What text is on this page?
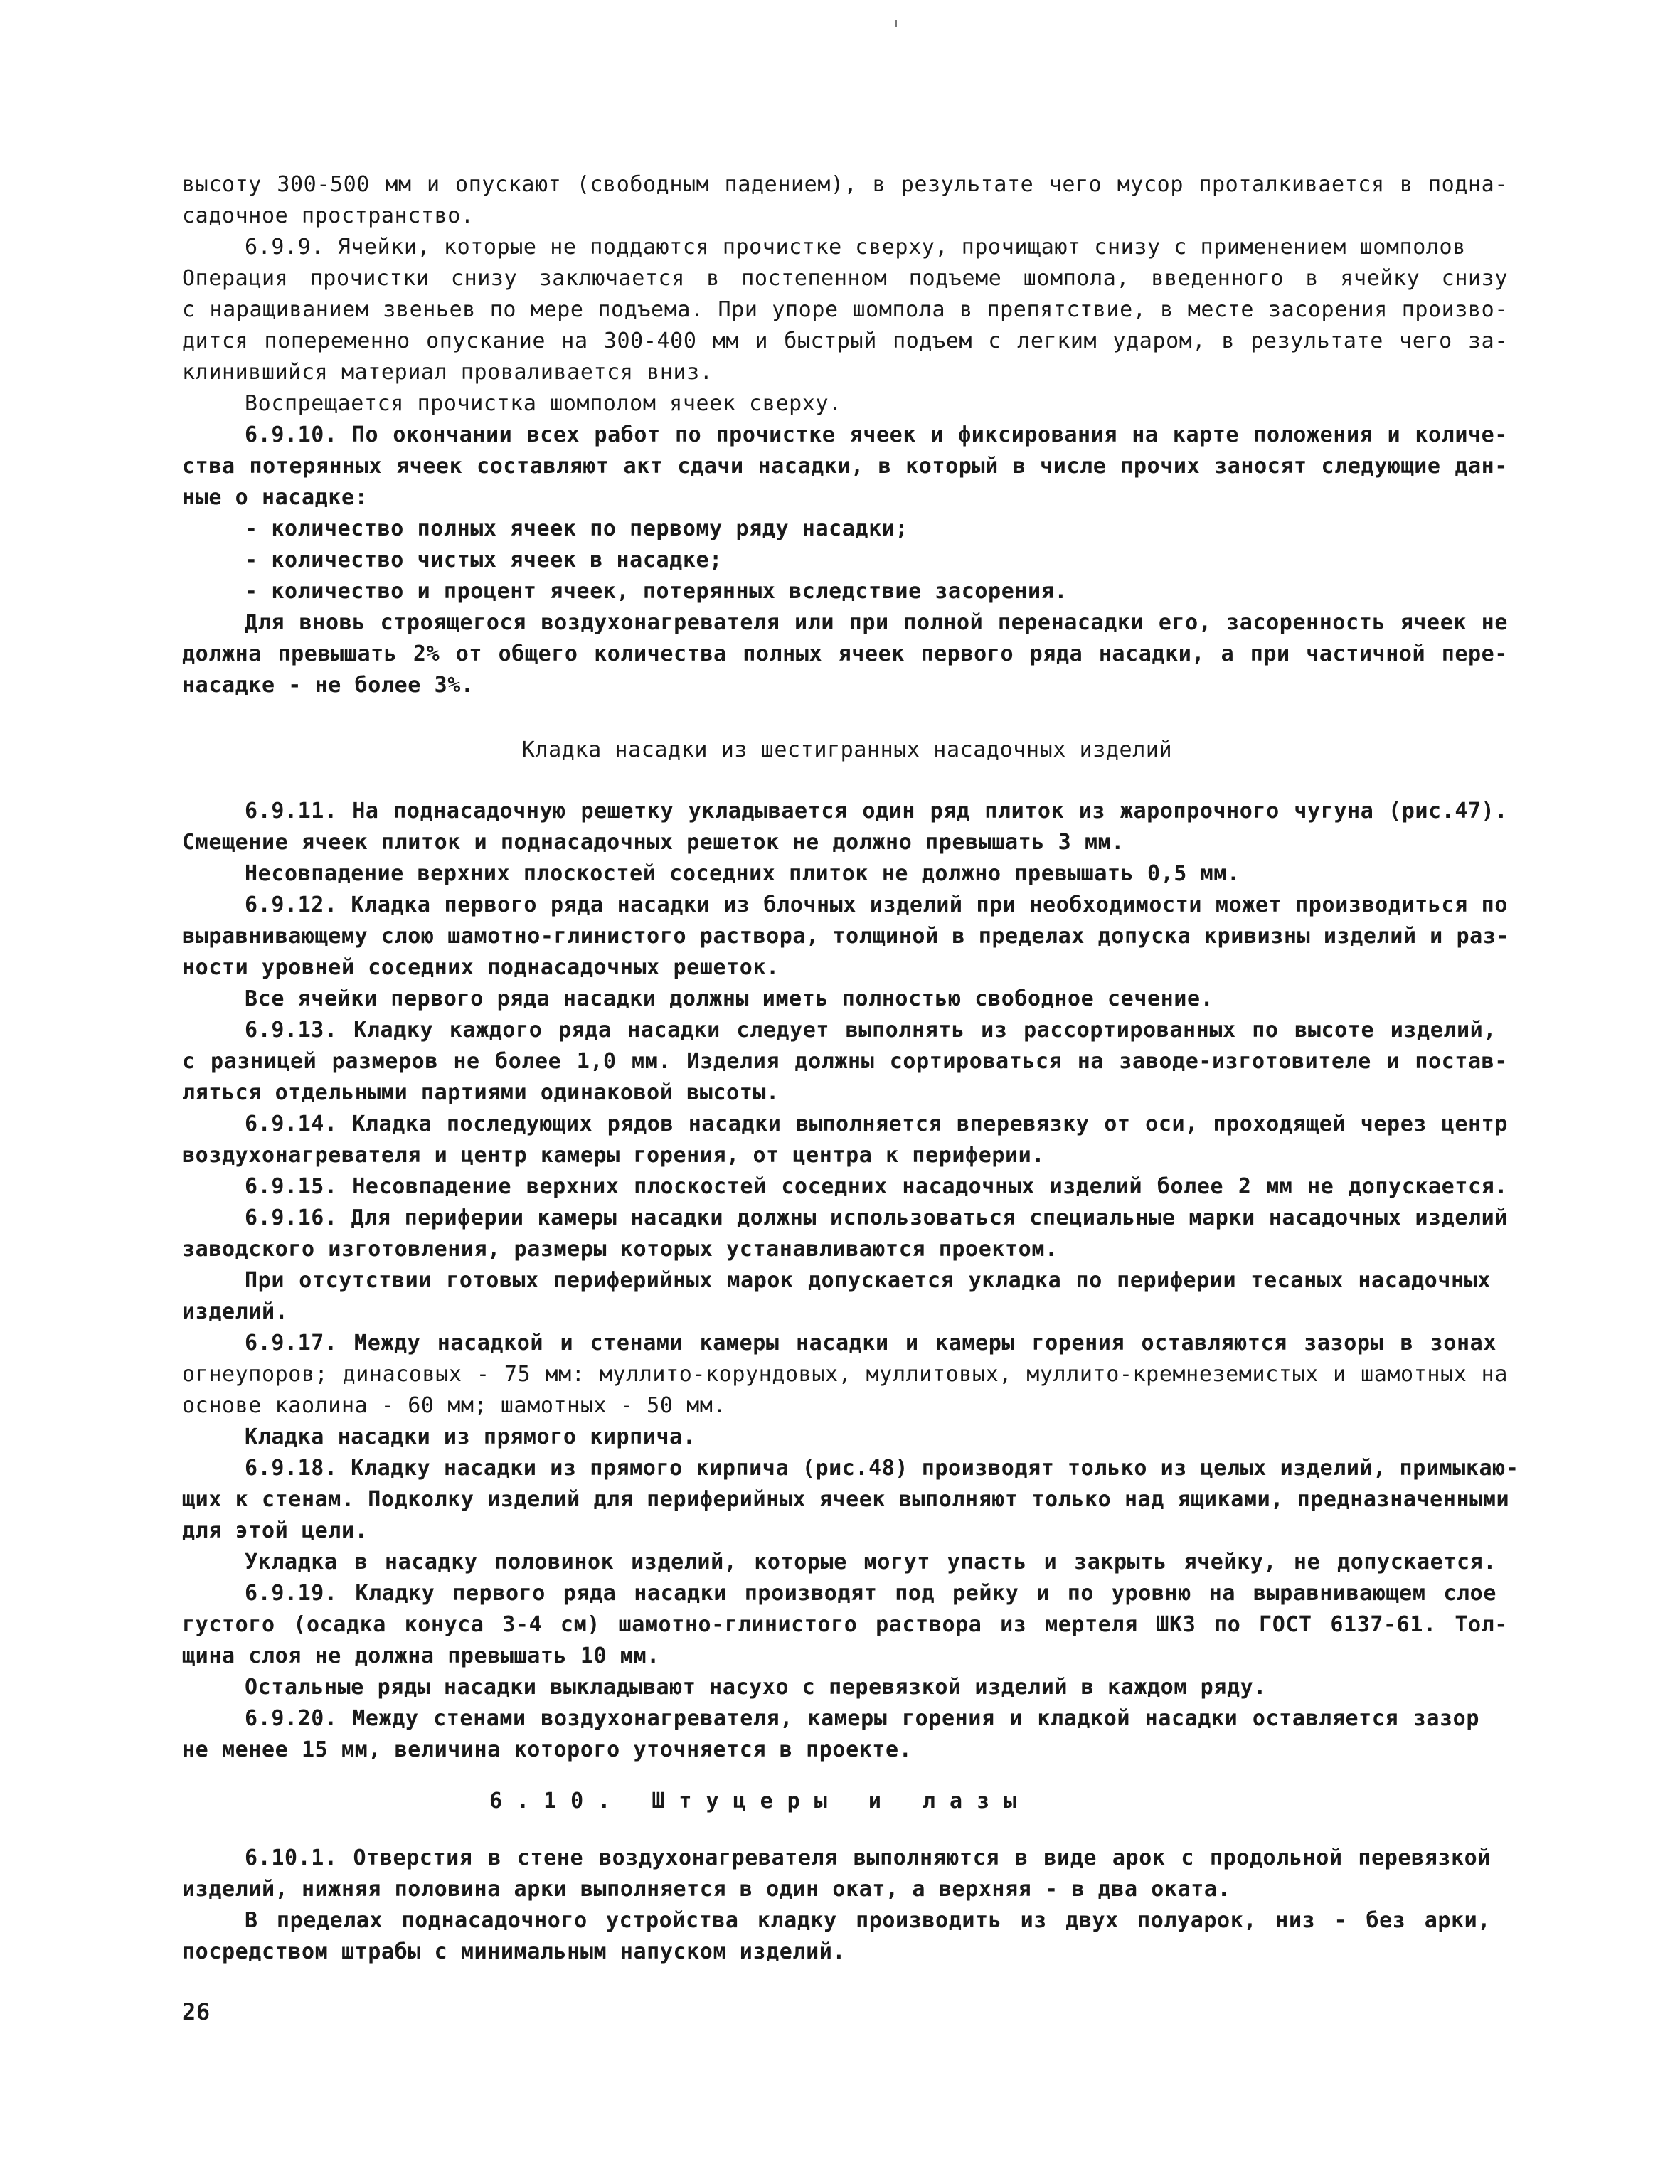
высоту 300-500 мм и опускают (свободным падением), в результате чего мусор проталкивается в подна-
садочное пространство.
6.9.9. Ячейки, которые не поддаются прочистке сверху, прочищают снизу с применением шомполов
Операция прочистки снизу заключается в постепенном подъеме шомпола, введенного в ячейку снизу
с наращиванием звеньев по мере подъема. При упоре шомпола в препятствие, в месте засорения произво-
дится попеременно опускание на 300-400 мм и быстрый подъем с легким ударом, в результате чего за-
клинившийся материал проваливается вниз.
Воспрещается прочистка шомполом ячеек сверху.
6.9.10. По окончании всех работ по прочистке ячеек и фиксирования на карте положения и количе-
ства потерянных ячеек составляют акт сдачи насадки, в который в числе прочих заносят следующие дан-
ные о насадке:
- количество полных ячеек по первому ряду насадки;
- количество чистых ячеек в насадке;
- количество и процент ячеек, потерянных вследствие засорения.
Для вновь строящегося воздухонагревателя или при полной перенасадки его, засоренность ячеек не
должна превышать 2% от общего количества полных ячеек первого ряда насадки, а при частичной пере-
насадке - не более 3%.
Кладка насадки из шестигранных насадочных изделий
6.9.11. На поднасадочную решетку укладывается один ряд плиток из жаропрочного чугуна (рис.47).
Смещение ячеек плиток и поднасадочных решеток не должно превышать 3 мм.
Несовпадение верхних плоскостей соседних плиток не должно превышать 0,5 мм.
6.9.12. Кладка первого ряда насадки из блочных изделий при необходимости может производиться по
выравнивающему слою шамотно-глинистого раствора, толщиной в пределах допуска кривизны изделий и раз-
ности уровней соседних поднасадочных решеток.
Все ячейки первого ряда насадки должны иметь полностью свободное сечение.
6.9.13. Кладку каждого ряда насадки следует выполнять из рассортированных по высоте изделий,
с разницей размеров не более 1,0 мм. Изделия должны сортироваться на заводе-изготовителе и постав-
ляться отдельными партиями одинаковой высоты.
6.9.14. Кладка последующих рядов насадки выполняется вперевязку от оси, проходящей через центр
воздухонагревателя и центр камеры горения, от центра к периферии.
6.9.15. Несовпадение верхних плоскостей соседних насадочных изделий более 2 мм не допускается.
6.9.16. Для периферии камеры насадки должны использоваться специальные марки насадочных изделий
заводского изготовления, размеры которых устанавливаются проектом.
При отсутствии готовых периферийных марок допускается укладка по периферии тесаных насадочных
изделий.
6.9.17. Между насадкой и стенами камеры насадки и камеры горения оставляются зазоры в зонах
огнеупоров; динасовых - 75 мм: муллито-корундовых, муллитовых, муллито-кремнеземистых и шамотных на
основе каолина - 60 мм; шамотных - 50 мм.
Кладка насадки из прямого кирпича.
6.9.18. Кладку насадки из прямого кирпича (рис.48) производят только из целых изделий, примыкаю-
щих к стенам. Подколку изделий для периферийных ячеек выполняют только над ящиками, предназначенными
для этой цели.
Укладка в насадку половинок изделий, которые могут упасть и закрыть ячейку, не допускается.
6.9.19. Кладку первого ряда насадки производят под рейку и по уровню на выравнивающем слое
густого (осадка конуса 3-4 см) шамотно-глинистого раствора из мертеля ШК3 по ГОСТ 6137-61. Тол-
щина слоя не должна превышать 10 мм.
Остальные ряды насадки выкладывают насухо с перевязкой изделий в каждом ряду.
6.9.20. Между стенами воздухонагревателя, камеры горения и кладкой насадки оставляется зазор
не менее 15 мм, величина которого уточняется в проекте.
6.10. Штуцеры и лазы
6.10.1. Отверстия в стене воздухонагревателя выполняются в виде арок с продольной перевязкой
изделий, нижняя половина арки выполняется в один окат, а верхняя - в два оката.
В пределах поднасадочного устройства кладку производить из двух полуарок, низ - без арки,
посредством штрабы с минимальным напуском изделий.
26
